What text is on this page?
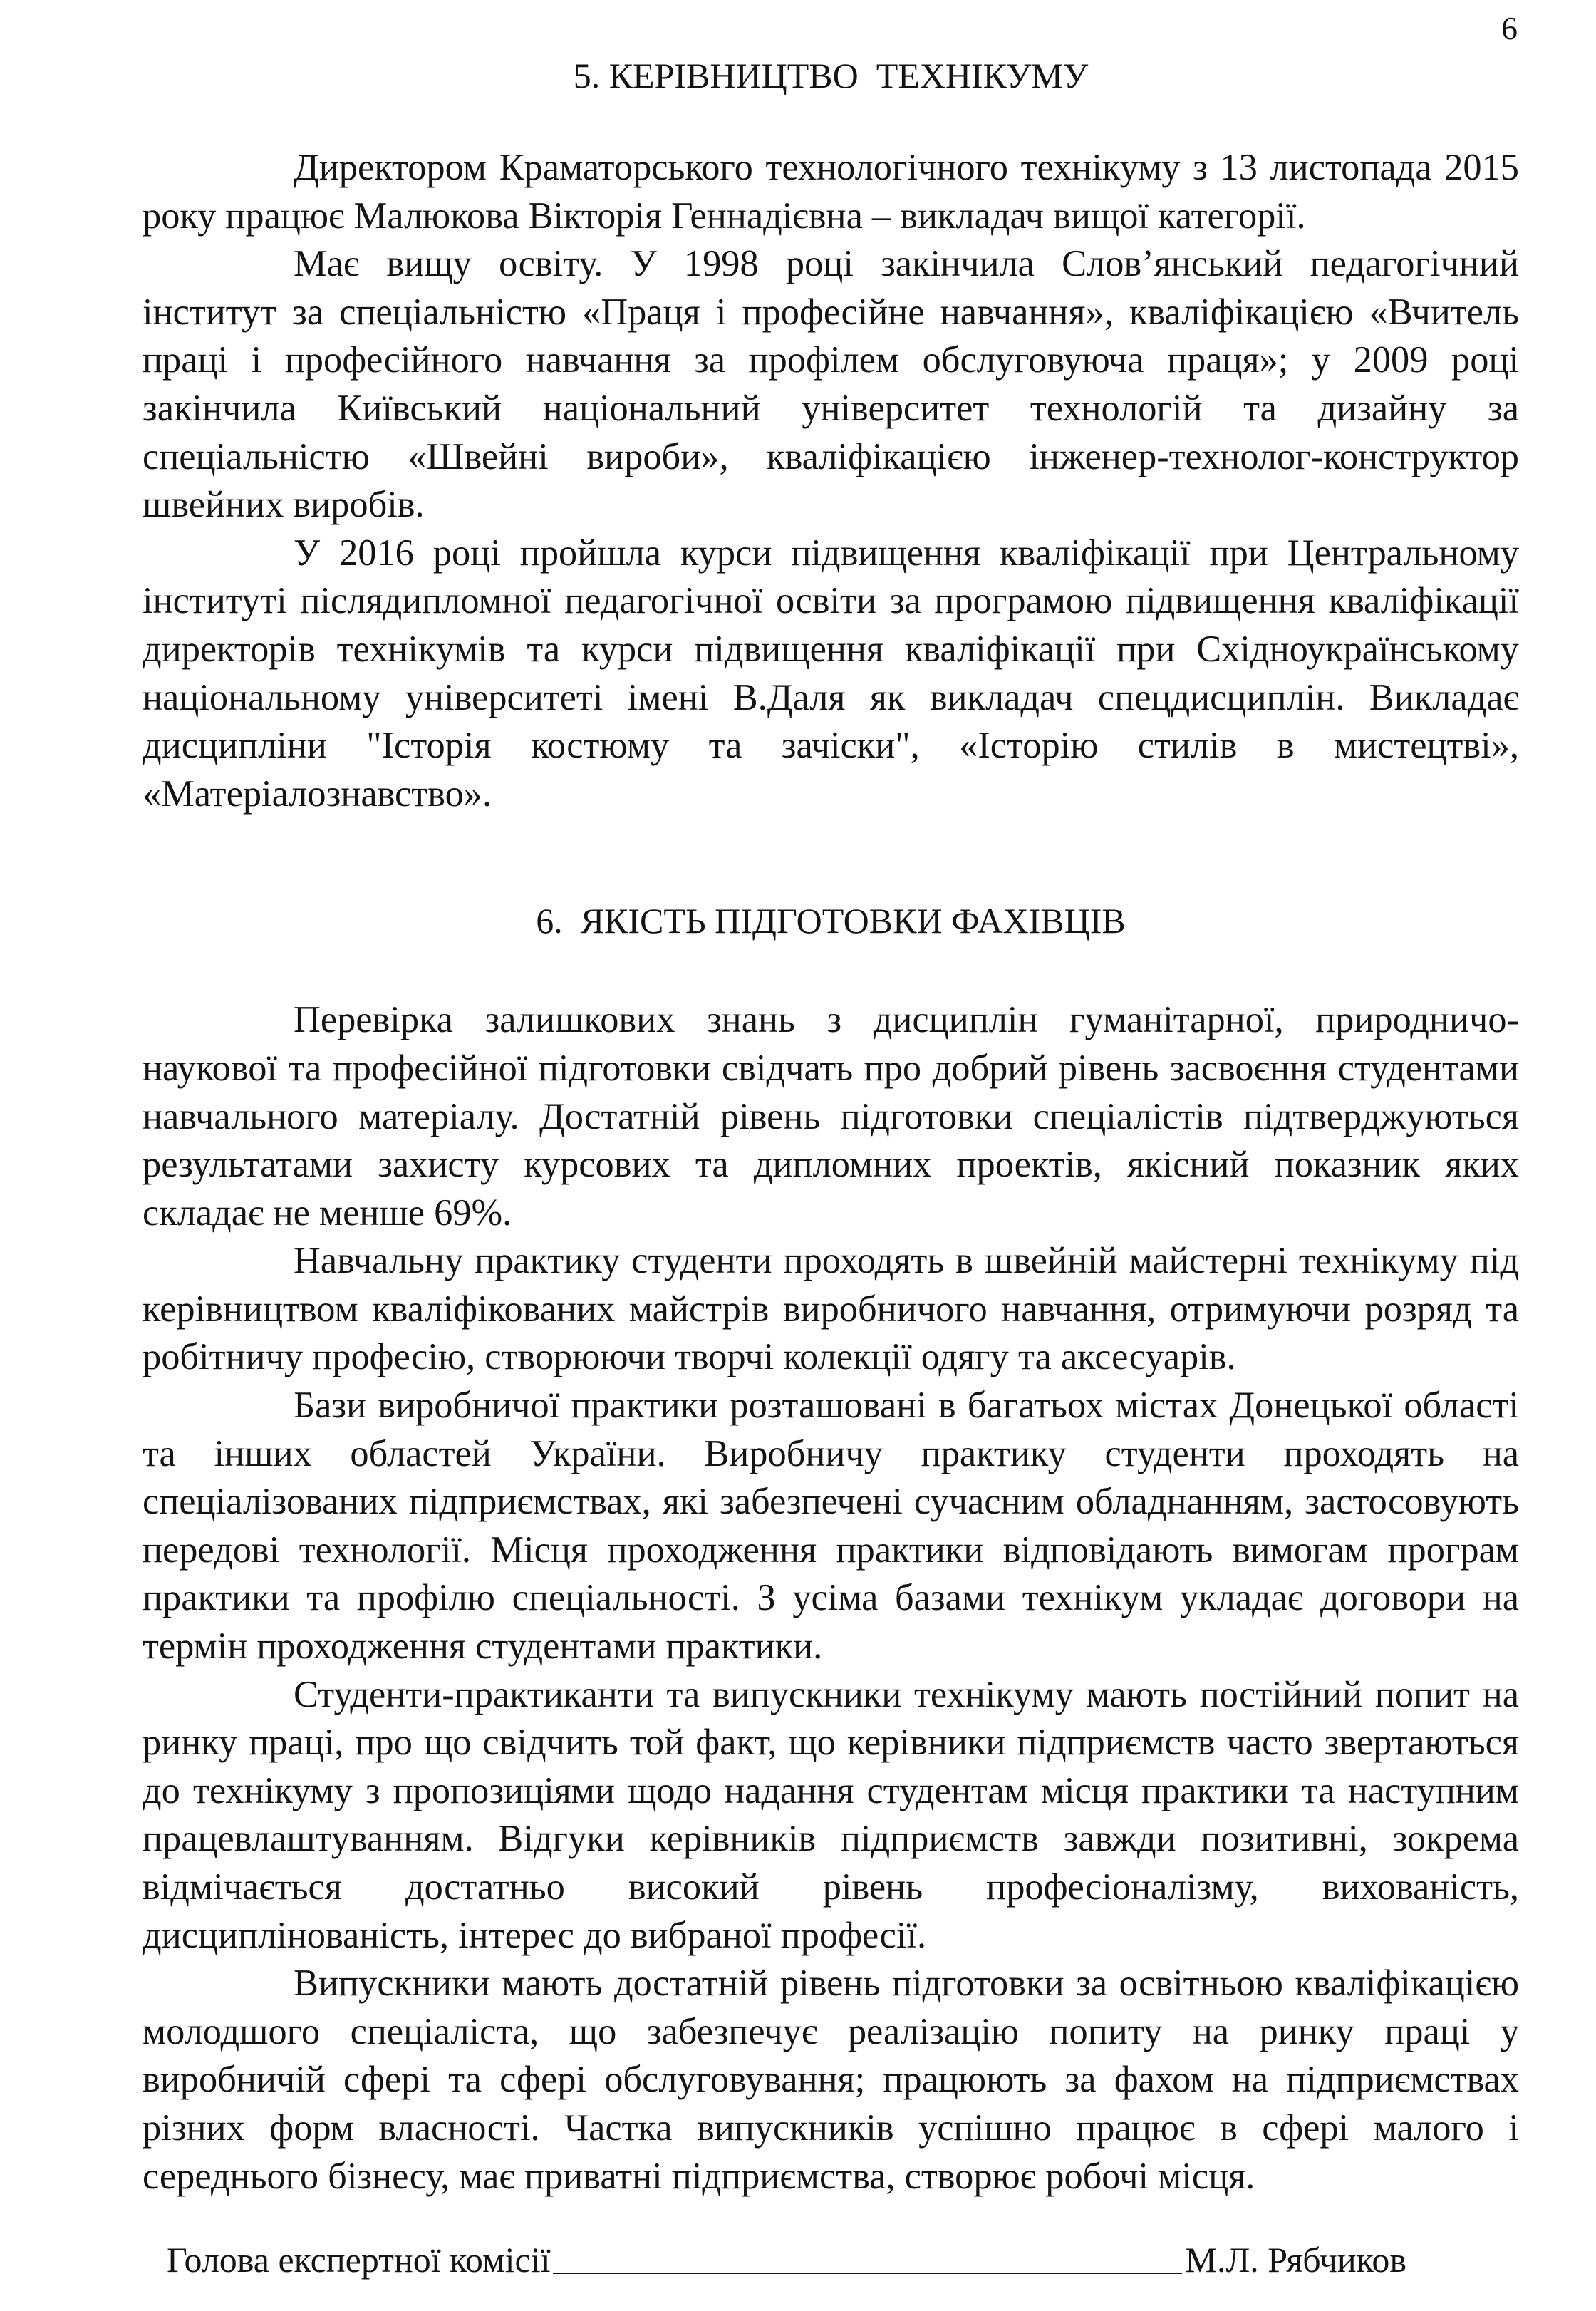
6
5. КЕРІВНИЦТВО  ТЕХНІКУМУ

Директором Краматорського технологічного технікуму з 13 листопада 2015 року працює Малюкова Вікторія Геннадієвна – викладач вищої категорії.

Має вищу освіту. У 1998 році закінчила Слов’янський педагогічний інститут за спеціальністю «Праця і професійне навчання», кваліфікацією «Вчитель праці і професійного навчання за профілем обслуговуюча праця»; у 2009 році закінчила Київський національний університет технологій та дизайну за спеціальністю «Швейні вироби», кваліфікацією інженер-технолог-конструктор швейних виробів.

У 2016 році пройшла курси підвищення кваліфікації при Центральному інституті післядипломної педагогічної освіти за програмою підвищення кваліфікації директорів технікумів та курси підвищення кваліфікації при Східноукраїнському національному університеті імені В.Даля як викладач спецдисциплін. Викладає дисципліни "Історія костюму та зачіски", «Історію стилів в мистецтві», «Матеріалознавство».

6.  ЯКІСТЬ ПІДГОТОВКИ ФАХІВЦІВ

Перевірка залишкових знань з дисциплін гуманітарної, природничо-наукової та професійної підготовки свідчать про добрий рівень засвоєння студентами навчального матеріалу. Достатній рівень підготовки спеціалістів підтверджуються результатами захисту курсових та дипломних проектів, якісний показник яких складає не менше 69%.

Навчальну практику студенти проходять в швейній майстерні технікуму під керівництвом кваліфікованих майстрів виробничого навчання, отримуючи розряд та робітничу професію, створюючи творчі колекції одягу та аксесуарів.

Бази виробничої практики розташовані в багатьох містах Донецької області та інших областей України. Виробничу практику студенти проходять на спеціалізованих підприємствах, які забезпечені сучасним обладнанням, застосовують передові технології. Місця проходження практики відповідають вимогам програм практики та профілю спеціальності. З усіма базами технікум укладає договори на термін проходження студентами практики.

Студенти-практиканти та випускники технікуму мають постійний попит на ринку праці, про що свідчить той факт, що керівники підприємств часто звертаються до технікуму з пропозиціями щодо надання студентам місця практики та наступним працевлаштуванням. Відгуки керівників підприємств завжди позитивні, зокрема відмічається достатньо високий рівень професіоналізму, вихованість, дисциплінованість, інтерес до вибраної професії.

Випускники мають достатній рівень підготовки за освітньою кваліфікацією молодшого спеціаліста, що забезпечує реалізацію попиту на ринку праці у виробничій сфері та сфері обслуговування; працюють за фахом на підприємствах різних форм власності. Частка випускників успішно працює в сфері малого і середнього бізнесу, має приватні підприємства, створює робочі місця.

Голова експертної комісії	М.Л. Рябчиков
